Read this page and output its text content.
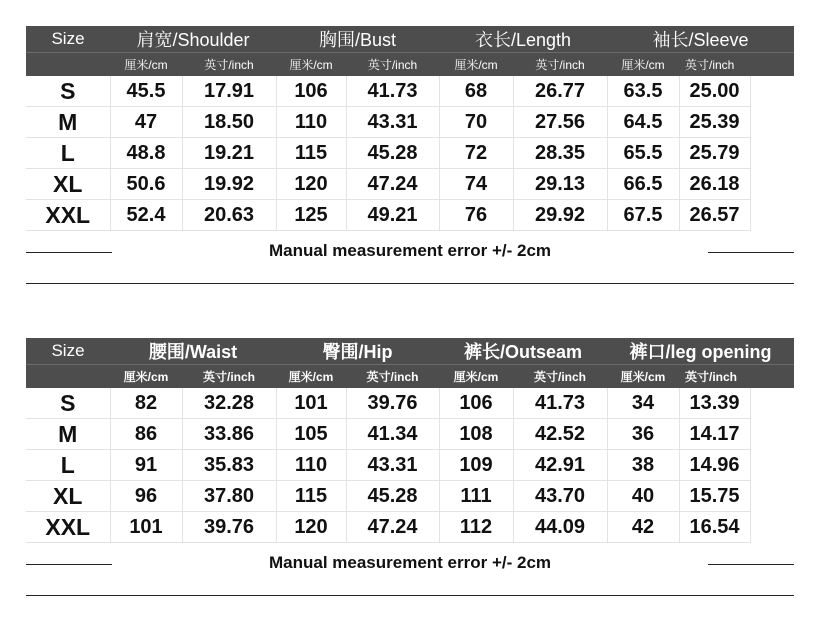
Size	肩宽/Shoulder		胸围/Bust		衣长/Length		袖长/Sleeve		
	厘米/cm	英寸/inch	厘米/cm	英寸/inch	厘米/cm	英寸/inch	厘米/cm	英寸/inch	
S	45.5	17.91	106	41.73	68	26.77	63.5	25.00	
M	47	18.50	110	43.31	70	27.56	64.5	25.39	
L	48.8	19.21	115	45.28	72	28.35	65.5	25.79	
XL	50.6	19.92	120	47.24	74	29.13	66.5	26.18	
XXL	52.4	20.63	125	49.21	76	29.92	67.5	26.57	
Manual measurement error +/- 2cm
Size	腰围/Waist		臀围/Hip		裤长/Outseam		裤口/leg opening		
	厘米/cm	英寸/inch	厘米/cm	英寸/inch	厘米/cm	英寸/inch	厘米/cm	英寸/inch	
S	82	32.28	101	39.76	106	41.73	34	13.39	
M	86	33.86	105	41.34	108	42.52	36	14.17	
L	91	35.83	110	43.31	109	42.91	38	14.96	
XL	96	37.80	115	45.28	111	43.70	40	15.75	
XXL	101	39.76	120	47.24	112	44.09	42	16.54	
Manual measurement error +/- 2cm
